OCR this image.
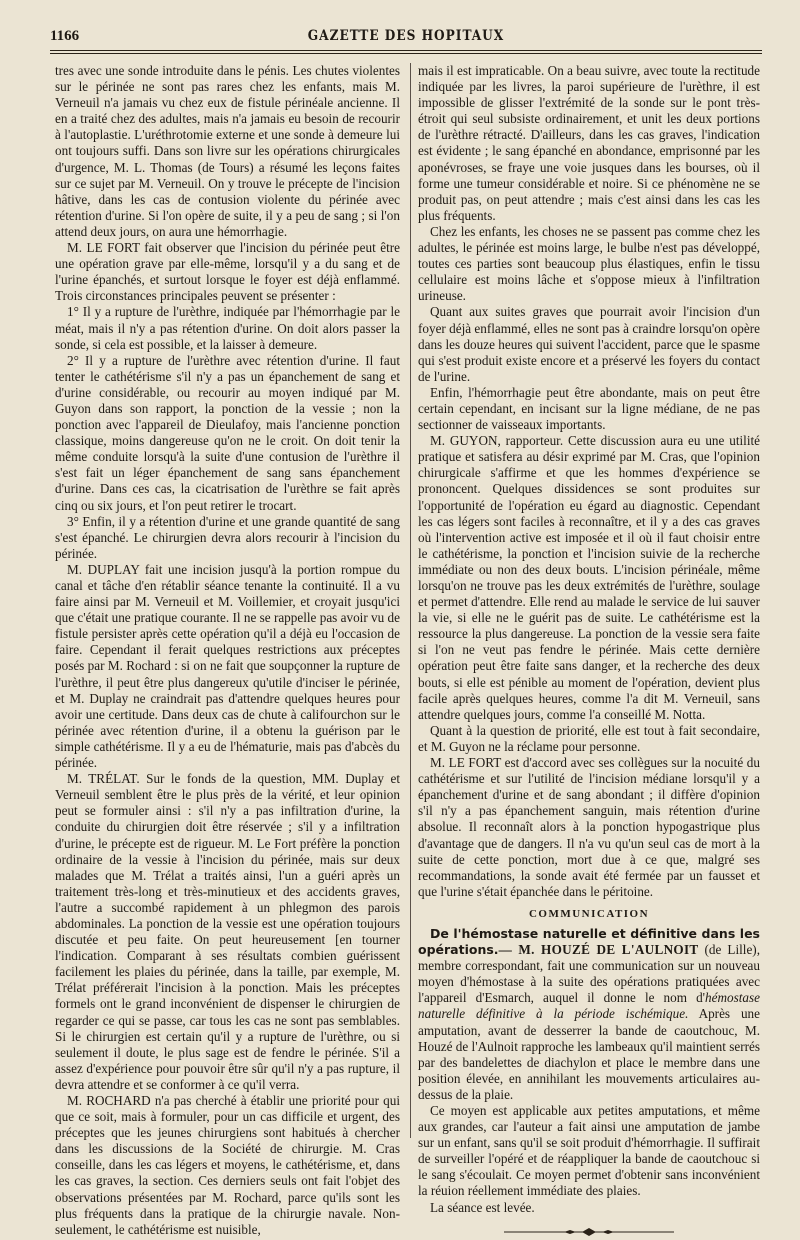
1166	GAZETTE DES HOPITAUX

tres avec une sonde introduite dans le pénis. Les chutes violentes sur le périnée ne sont pas rares chez les enfants, mais M. Verneuil n'a jamais vu chez eux de fistule périnéale ancienne. Il en a traité chez des adultes, mais n'a jamais eu besoin de recourir à l'autoplastie. L'uréthrotomie externe et une sonde à demeure lui ont toujours suffi. Dans son livre sur les opérations chirurgicales d'urgence, M. L. Thomas (de Tours) a résumé les leçons faites sur ce sujet par M. Verneuil. On y trouve le précepte de l'incision hâtive, dans les cas de contusion violente du périnée avec rétention d'urine. Si l'on opère de suite, il y a peu de sang ; si l'on attend deux jours, on aura une hémorrhagie.

M. LE FORT fait observer que l'incision du périnée peut être une opération grave par elle-même, lorsqu'il y a du sang et de l'urine épanchés, et surtout lorsque le foyer est déjà enflammé. Trois circonstances principales peuvent se présenter :

1° Il y a rupture de l'urèthre, indiquée par l'hémorrhagie par le méat, mais il n'y a pas rétention d'urine. On doit alors passer la sonde, si cela est possible, et la laisser à demeure.

2° Il y a rupture de l'urèthre avec rétention d'urine. Il faut tenter le cathétérisme s'il n'y a pas un épanchement de sang et d'urine considérable, ou recourir au moyen indiqué par M. Guyon dans son rapport, la ponction de la vessie ; non la ponction avec l'appareil de Dieulafoy, mais l'ancienne ponction classique, moins dangereuse qu'on ne le croit. On doit tenir la même conduite lorsqu'à la suite d'une contusion de l'urèthre il s'est fait un léger épanchement de sang sans épanchement d'urine. Dans ces cas, la cicatrisation de l'urèthre se fait après cinq ou six jours, et l'on peut retirer le trocart.

3° Enfin, il y a rétention d'urine et une grande quantité de sang s'est épanché. Le chirurgien devra alors recourir à l'incision du périnée.

M. DUPLAY fait une incision jusqu'à la portion rompue du canal et tâche d'en rétablir séance tenante la continuité. Il a vu faire ainsi par M. Verneuil et M. Voillemier, et croyait jusqu'ici que c'était une pratique courante. Il ne se rappelle pas avoir vu de fistule persister après cette opération qu'il a déjà eu l'occasion de faire. Cependant il ferait quelques restrictions aux préceptes posés par M. Rochard : si on ne fait que soupçonner la rupture de l'urèthre, il peut être plus dangereux qu'utile d'inciser le périnée, et M. Duplay ne craindrait pas d'attendre quelques heures pour avoir une certitude. Dans deux cas de chute à califourchon sur le périnée avec rétention d'urine, il a obtenu la guérison par le simple cathétérisme. Il y a eu de l'hématurie, mais pas d'abcès du périnée.

M. TRÉLAT. Sur le fonds de la question, MM. Duplay et Verneuil semblent être le plus près de la vérité, et leur opinion peut se formuler ainsi : s'il n'y a pas infiltration d'urine, la conduite du chirurgien doit être réservée ; s'il y a infiltration d'urine, le précepte est de rigueur. M. Le Fort préfère la ponction ordinaire de la vessie à l'incision du périnée, mais sur deux malades que M. Trélat a traités ainsi, l'un a guéri après un traitement très-long et très-minutieux et des accidents graves, l'autre a succombé rapidement à un phlegmon des parois abdominales. La ponction de la vessie est une opération toujours discutée et peu faite. On peut heureusement [en tourner l'indication. Comparant à ses résultats combien guérissent facilement les plaies du périnée, dans la taille, par exemple, M. Trélat préférerait l'incision à la ponction. Mais les préceptes formels ont le grand inconvénient de dispenser le chirurgien de regarder ce qui se passe, car tous les cas ne sont pas semblables. Si le chirurgien est certain qu'il y a rupture de l'urèthre, ou si seulement il doute, le plus sage est de fendre le périnée. S'il a assez d'expérience pour pouvoir être sûr qu'il n'y a pas rupture, il devra attendre et se conformer à ce qu'il verra.

M. ROCHARD n'a pas cherché à établir une priorité pour qui que ce soit, mais à formuler, pour un cas difficile et urgent, des préceptes que les jeunes chirurgiens sont habitués à chercher dans les discussions de la Société de chirurgie. M. Cras conseille, dans les cas légers et moyens, le cathétérisme, et, dans les cas graves, la section. Ces derniers seuls ont fait l'objet des observations présentées par M. Rochard, parce qu'ils sont les plus fréquents dans la pratique de la chirurgie navale. Non-seulement, le cathétérisme est nuisible,

mais il est impraticable. On a beau suivre, avec toute la rectitude indiquée par les livres, la paroi supérieure de l'urèthre, il est impossible de glisser l'extrémité de la sonde sur le pont très-étroit qui seul subsiste ordinairement, et unit les deux portions de l'urèthre rétracté. D'ailleurs, dans les cas graves, l'indication est évidente ; le sang épanché en abondance, emprisonné par les aponévroses, se fraye une voie jusques dans les bourses, où il forme une tumeur considérable et noire. Si ce phénomène ne se produit pas, on peut attendre ; mais c'est ainsi dans les cas les plus fréquents.

Chez les enfants, les choses ne se passent pas comme chez les adultes, le périnée est moins large, le bulbe n'est pas développé, toutes ces parties sont beaucoup plus élastiques, enfin le tissu cellulaire est moins lâche et s'oppose mieux à l'infiltration urineuse.

Quant aux suites graves que pourrait avoir l'incision d'un foyer déjà enflammé, elles ne sont pas à craindre lorsqu'on opère dans les douze heures qui suivent l'accident, parce que le spasme qui s'est produit existe encore et a préservé les foyers du contact de l'urine.

Enfin, l'hémorrhagie peut être abondante, mais on peut être certain cependant, en incisant sur la ligne médiane, de ne pas sectionner de vaisseaux importants.

M. GUYON, rapporteur. Cette discussion aura eu une utilité pratique et satisfera au désir exprimé par M. Cras, que l'opinion chirurgicale s'affirme et que les hommes d'expérience se prononcent. Quelques dissidences se sont produites sur l'opportunité de l'opération eu égard au diagnostic. Cependant les cas légers sont faciles à reconnaître, et il y a des cas graves où l'intervention active est imposée et il où il faut choisir entre le cathétérisme, la ponction et l'incision suivie de la recherche immédiate ou non des deux bouts. L'incision périnéale, même lorsqu'on ne trouve pas les deux extrémités de l'urèthre, soulage et permet d'attendre. Elle rend au malade le service de lui sauver la vie, si elle ne le guérit pas de suite. Le cathétérisme est la ressource la plus dangereuse. La ponction de la vessie sera faite si l'on ne veut pas fendre le périnée. Mais cette dernière opération peut être faite sans danger, et la recherche des deux bouts, si elle est pénible au moment de l'opération, devient plus facile après quelques heures, comme l'a dit M. Verneuil, sans attendre quelques jours, comme l'a conseillé M. Notta.

Quant à la question de priorité, elle est tout à fait secondaire, et M. Guyon ne la réclame pour personne.

M. LE FORT est d'accord avec ses collègues sur la nocuité du cathétérisme et sur l'utilité de l'incision médiane lorsqu'il y a épanchement d'urine et de sang abondant ; il diffère d'opinion s'il n'y a pas épanchement sanguin, mais rétention d'urine absolue. Il reconnaît alors à la ponction hypogastrique plus d'avantage que de dangers. Il n'a vu qu'un seul cas de mort à la suite de cette ponction, mort due à ce que, malgré ses recommandations, la sonde avait été fermée par un fausset et que l'urine s'était épanchée dans le péritoine.

COMMUNICATION

De l'hémostase naturelle et définitive dans les opérations.— M. HOUZÉ DE L'AULNOIT (de Lille), membre correspondant, fait une communication sur un nouveau moyen d'hémostase à la suite des opérations pratiquées avec l'appareil d'Esmarch, auquel il donne le nom d'hémostase naturelle définitive à la période ischémique. Après une amputation, avant de desserrer la bande de caoutchouc, M. Houzé de l'Aulnoit rapproche les lambeaux qu'il maintient serrés par des bandelettes de diachylon et place le membre dans une position élevée, en annihilant les mouvements articulaires au-dessus de la plaie.

Ce moyen est applicable aux petites amputations, et même aux grandes, car l'auteur a fait ainsi une amputation de jambe sur un enfant, sans qu'il se soit produit d'hémorrhagie. Il suffirait de surveiller l'opéré et de réappliquer la bande de caoutchouc si le sang s'écoulait. Ce moyen permet d'obtenir sans inconvénient la réuion réellement immédiate des plaies.

La séance est levée.
